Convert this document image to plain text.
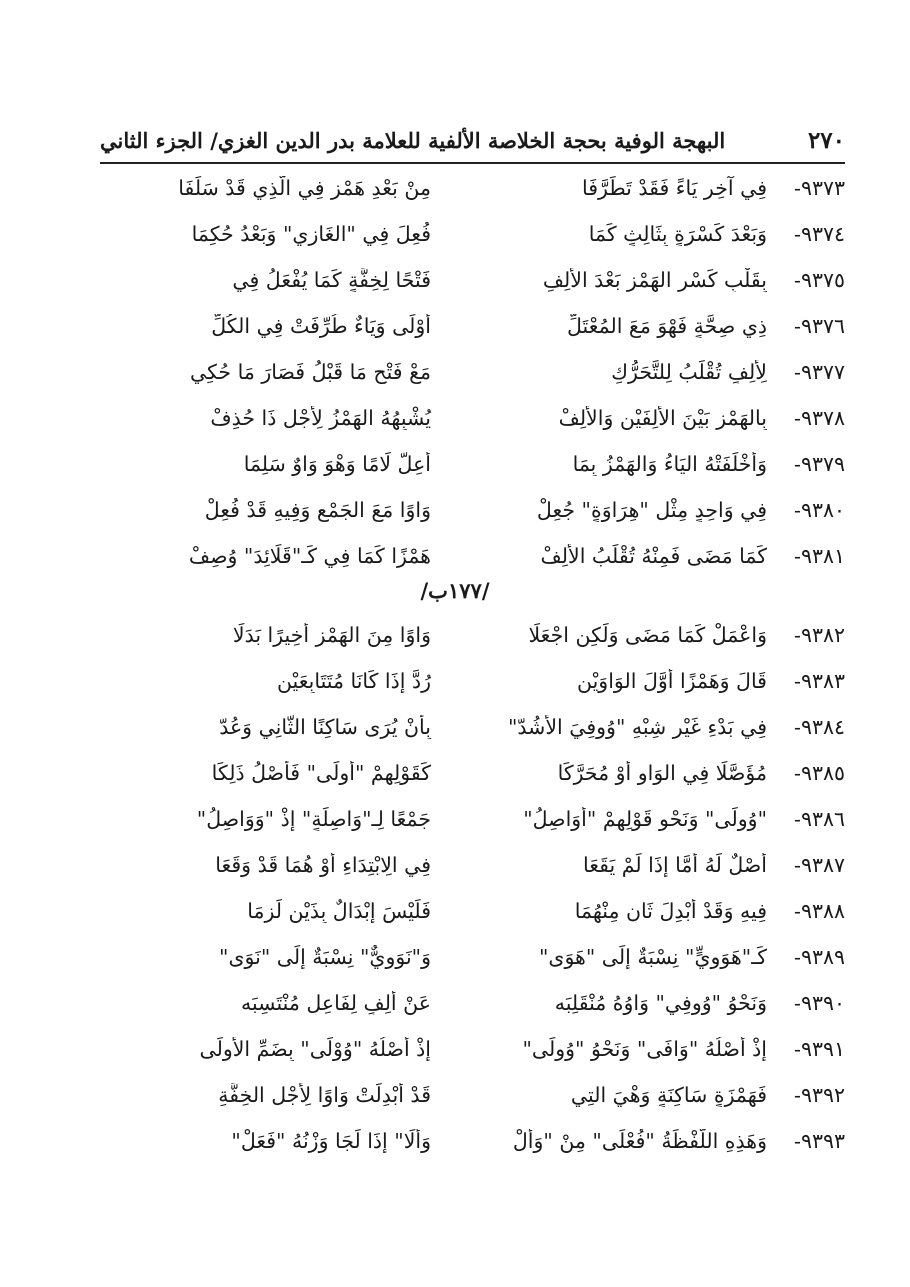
٢٧٠
البهجة الوفية بحجة الخلاصة الألفية للعلامة بدر الدين الغزي/ الجزء الثاني
٩٣٧٣-
فِي آخِرٍ يَاءً فَقَدْ تَطَرَّفَا
مِنْ بَعْدِ هَمْزٍ فِي الَّذِي قَدْ سَلَفَا
٩٣٧٤-
وَبَعْدَ كَسْرَةٍ بِثَالِثٍ كَمَا
فُعِلَ فِي "الغَازِي" وَبَعْدُ حُكِمَا
٩٣٧٥-
بِقَلْبِ كَسْرِ الهَمْزِ بَعْدَ الأَلِفِ
فَتْحًا لِخِفَّةٍ كَمَا يُفْعَلُ فِي
٩٣٧٦-
ذِي صِحَّةٍ فَهْوَ مَعَ المُعْتَلِّ
أَوْلَى وَيَاءٌ طُرِّفَتْ فِي الكُلِّ
٩٣٧٧-
لِأَلِفٍ تُقْلَبُ لِلتَّحَرُّكِ
مَعْ فَتْحِ مَا قَبْلُ فَصَارَ مَا حُكِي
٩٣٧٨-
بِالهَمْزِ بَيْنَ الأَلِفَيْنِ وَالأَلِفْ
يُشْبِهُهُ الهَمْزُ لِأَجْلِ ذَا حُذِفْ
٩٣٧٩-
وَأَخْلَفَتْهُ اليَاءُ وَالهَمْزُ بِمَا
أُعِلَّ لَامًا وَهْوَ وَاوٌ سَلِمَا
٩٣٨٠-
فِي وَاحِدٍ مِثْلِ "هِرَاوَةٍ" جُعِلْ
وَاوًا مَعَ الجَمْعِ وَفِيهِ قَدْ فُعِلْ
٩٣٨١-
كَمَا مَضَى فَمِنْهُ تُقْلَبُ الأَلِفْ
هَمْزًا كَمَا فِي كَـ"قَلَائِدَ" وُصِفْ
/١٧٧ب/
٩٣٨٢-
وَاعْمَلْ كَمَا مَضَى وَلَكِنِ اجْعَلَا
وَاوًا مِنَ الهَمْزِ أَخِيرًا بَدَلَا
٩٣٨٣-
قَالَ وَهَمْزًا أَوَّلَ الوَاوَيْنِ
رُدَّ إِذَا كَانَا مُتَتَابِعَيْنِ
٩٣٨٤-
فِي بَدْءِ غَيْرِ شِبْهِ "وُوفِيَ الأَشُدّ"
بِأَنْ يُرَى سَاكِنًا الثَّانِي وَعُدّ
٩٣٨٥-
مُؤَصَّلًا فِي الوَاوِ أَوْ مُحَرَّكَا
كَقَوْلِهِمْ "أُولَى" فَأَصْلُ ذَلِكَا
٩٣٨٦-
"وُولَى" وَنَحْوِ قَوْلِهِمْ "أَوَاصِلُ"
جَمْعًا لِـ"وَاصِلَةٍ" إِذْ "وَوَاصِلُ"
٩٣٨٧-
أَصْلٌ لَهُ أَمَّا إِذَا لَمْ يَقَعَا
فِي الِابْتِدَاءِ أَوْ هُمَا قَدْ وَقَعَا
٩٣٨٨-
فِيهِ وَقَدْ أُبْدِلَ ثَانٍ مِنْهُمَا
فَلَيْسَ إِبْدَالٌ بِذَيْنِ لَزِمَا
٩٣٨٩-
كَـ"هَوَوِيٍّ" نِسْبَةٌ إِلَى "هَوَى"
وَ"نَوَوِيٌّ" نِسْبَةٌ إِلَى "نَوَى"
٩٣٩٠-
وَنَحْوُ "وُوفِي" وَاوُهُ مُنْقَلِبَه
عَنْ أَلِفٍ لِفَاعِلٍ مُنْتَسِبَه
٩٣٩١-
إِذْ أَصْلُهُ "وَافَى" وَنَحْوُ "وُولَى"
إِذْ أَصْلُهُ "وُوْلَى" بِضَمِّ الأُولَى
٩٣٩٢-
فَهَمْزَةٍ سَاكِنَةٍ وَهْيَ التِي
قَدْ أُبْدِلَتْ وَاوًا لِأَجْلِ الخِفَّةِ
٩٣٩٣-
وَهَذِهِ اللَّفْظَةُ "فُعْلَى" مِنْ "وَأَلْ
وَأْلًا" إِذَا لَجَا وَزْنُهُ "فَعَلْ"
